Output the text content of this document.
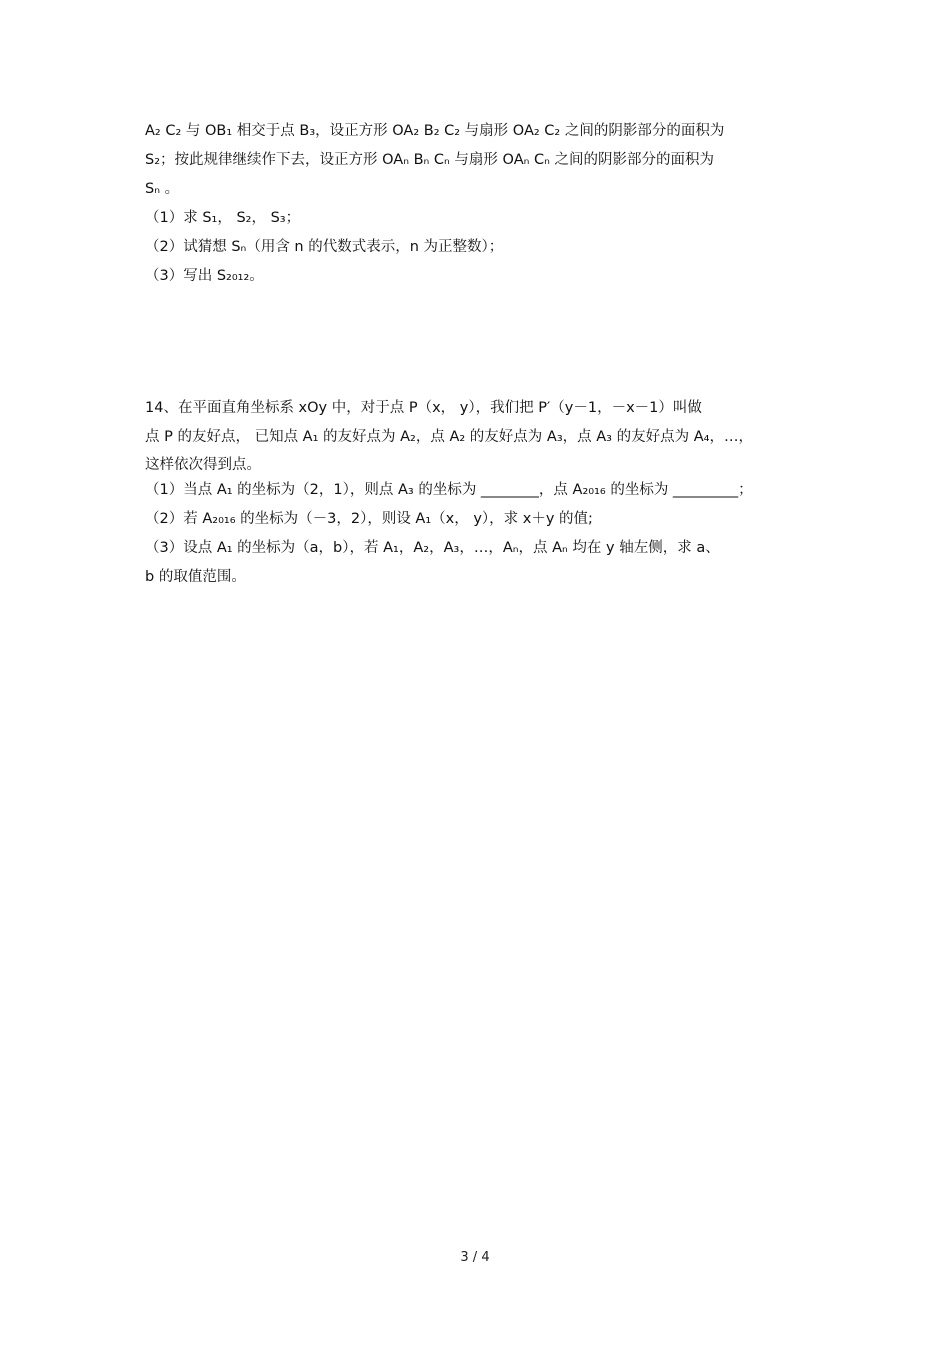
A₂ C₂ 与 OB₁ 相交于点 B₃，设正方形 OA₂ B₂ C₂ 与扇形 OA₂ C₂ 之间的阴影部分的面积为
S₂；按此规律继续作下去，设正方形 OAₙ Bₙ Cₙ 与扇形 OAₙ Cₙ 之间的阴影部分的面积为
Sₙ 。
（1）求 S₁， S₂， S₃；
（2）试猜想 Sₙ（用含 n 的代数式表示，n 为正整数）；
（3）写出 S₂₀₁₂。
14、在平面直角坐标系 xOy 中，对于点 P（x， y），我们把 P′（y－1，－x－1）叫做
点 P 的友好点， 已知点 A₁ 的友好点为 A₂，点 A₂ 的友好点为 A₃，点 A₃ 的友好点为 A₄，…，
这样依次得到点。
（1）当点 A₁ 的坐标为（2，1），则点 A₃ 的坐标为 ________，点 A₂₀₁₆ 的坐标为 _________；
（2）若 A₂₀₁₆ 的坐标为（－3，2），则设 A₁（x， y），求 x＋y 的值;
（3）设点 A₁ 的坐标为（a，b），若 A₁，A₂，A₃，…，Aₙ，点 Aₙ 均在 y 轴左侧，求 a、
b 的取值范围。
3 / 4
